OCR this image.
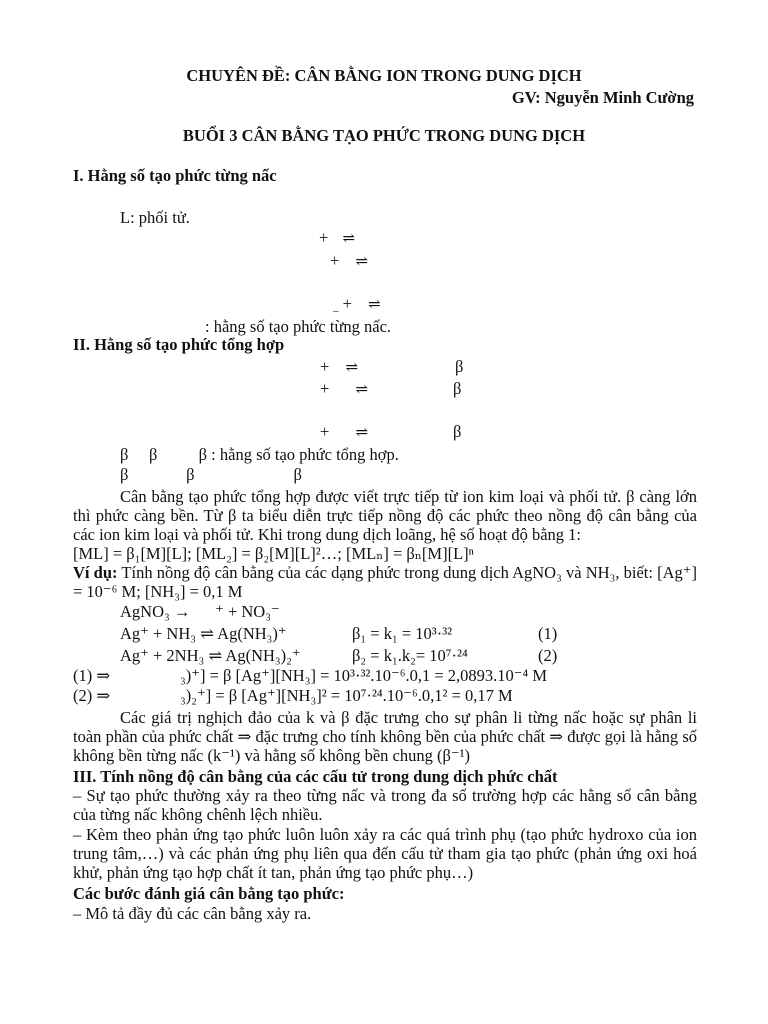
CHUYÊN ĐỀ: CÂN BẰNG ION TRONG DUNG DỊCH
GV: Nguyễn Minh Cường
BUỔI 3 CÂN BẰNG TẠO PHỨC TRONG DUNG DỊCH
I. Hằng số tạo phức từng nấc
L: phối tử.
+ ⇌
+ ⇌
$_-$ + ⇌
: hằng số tạo phức từng nấc.
II. Hằng số tạo phức tổng hợp
+ ⇌	β
+ ⇌	β
+ ⇌	β
β     β          β : hằng số tạo phức tổng hợp.
β              β                        β
Cân bằng tạo phức tổng hợp được viết trực tiếp từ ion kim loại và phối tử. β càng lớn thì phức càng bền. Từ β ta biểu diễn trực tiếp nồng độ các phức theo nồng độ cân bằng của các ion kim loại và phối tử. Khi trong dung dịch loãng, hệ số hoạt độ bằng 1:
[ML] = β₁[M][L]; [ML₂] = β₂[M][L]²…; [MLₙ] = βₙ[M][L]ⁿ
Ví dụ: Tính nồng độ cân bằng của các dạng phức trong dung dịch AgNO₃ và NH₃, biết: [Ag⁺] = 10⁻⁶ M; [NH₃] = 0,1 M
AgNO₃ →      ⁺ + NO₃⁻
Ag⁺ + NH₃ ⇌ Ag(NH₃)⁺	β₁ = k₁ = 10³·³²	(1)
Ag⁺ + 2NH₃ ⇌ Ag(NH₃)₂⁺	β₂ = k₁.k₂= 10⁷·²⁴	(2)
(1) ⇒	₃)⁺] = β [Ag⁺][NH₃] = 10³·³².10⁻⁶.0,1 = 2,0893.10⁻⁴ M
(2) ⇒	₃)₂⁺] = β [Ag⁺][NH₃]² = 10⁷·²⁴.10⁻⁶.0,1² = 0,17 M
Các giá trị nghịch đảo của k và β đặc trưng cho sự phân li từng nấc hoặc sự phân li toàn phần của phức chất ⇒ đặc trưng cho tính không bền của phức chất ⇒ được gọi là hằng số không bền từng nấc (k⁻¹) và hằng số không bền chung (β⁻¹)
III. Tính nồng độ cân bằng của các cấu tử trong dung dịch phức chất
– Sự tạo phức thường xảy ra theo từng nấc và trong đa số trường hợp các hằng số cân bằng của từng nấc không chênh lệch nhiều.
– Kèm theo phản ứng tạo phức luôn luôn xảy ra các quá trình phụ (tạo phức hydroxo của ion trung tâm,…) và các phản ứng phụ liên qua đến cấu tử tham gia tạo phức (phản ứng oxi hoá khử, phản ứng tạo hợp chất ít tan, phản ứng tạo phức phụ…)
Các bước đánh giá cân bằng tạo phức:
– Mô tả đầy đủ các cân bằng xảy ra.
